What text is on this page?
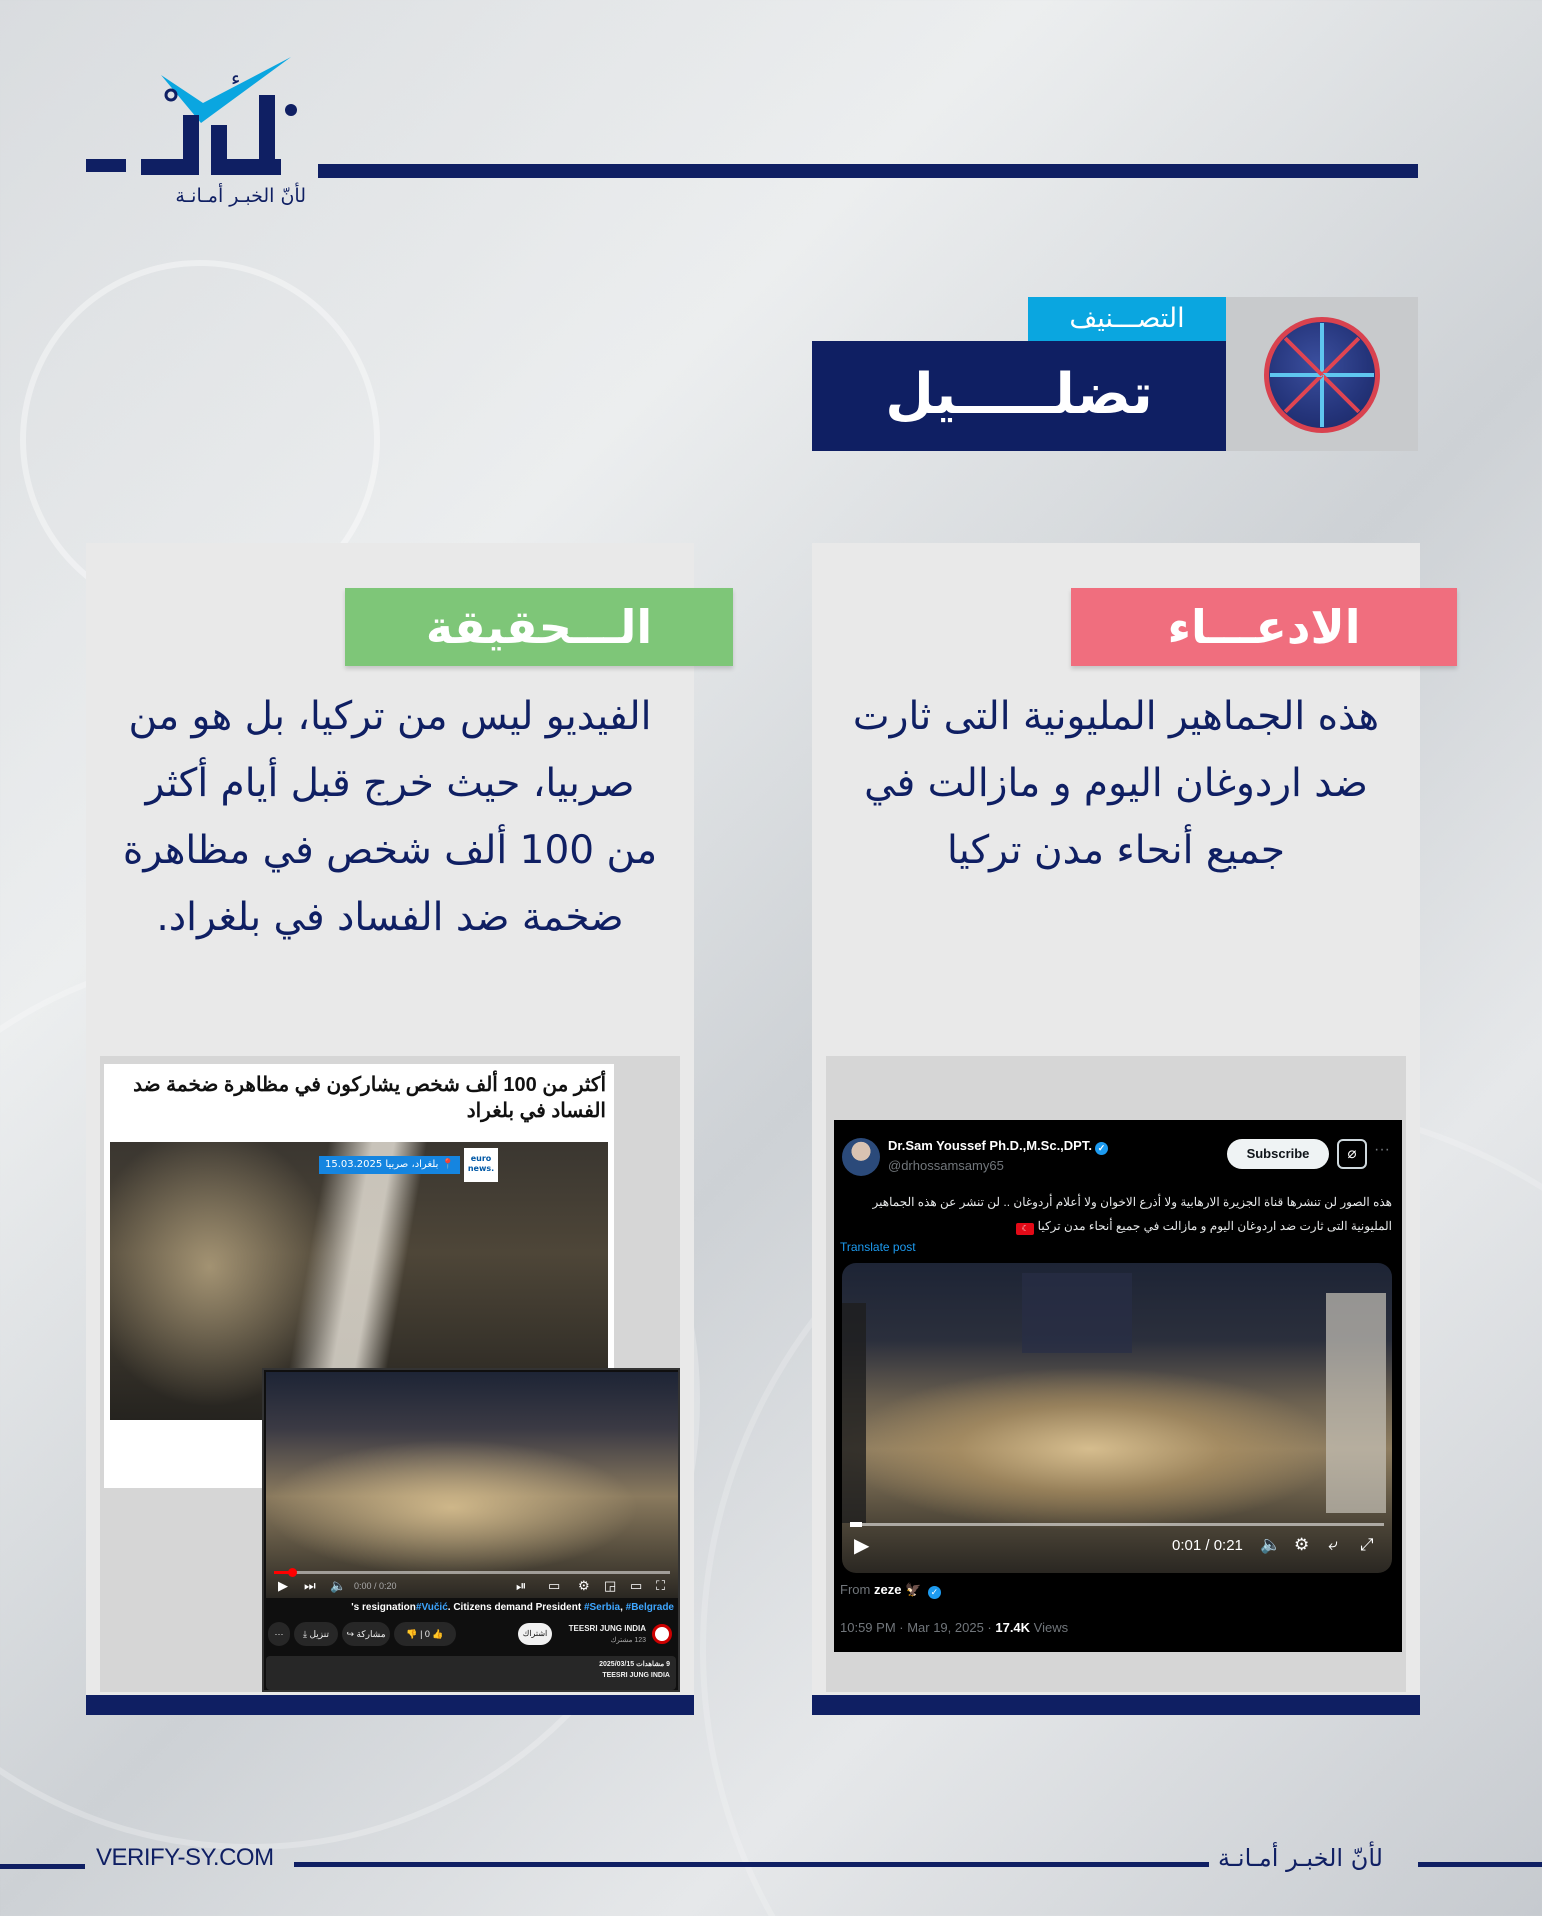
ء
لأنّ الخبـر أمـانـة
التصـــنيف
تضلـــــيل
الادعـــاء
هذه الجماهير المليونية التى ثارت ضد اردوغان اليوم و مازالت في جميع أنحاء مدن تركيا
Dr.Sam Youssef Ph.D.,M.Sc.,DPT. ✓
@drhossamsamy65
Subscribe	⌀	···
هذه الصور لن تنشرها قناة الجزيرة الارهابية ولا أذرع الاخوان ولا أعلام أردوغان .. لن تنشر عن هذه الجماهير المليونية التى ثارت ضد اردوغان اليوم و مازالت في جميع أنحاء مدن تركيا ☾
Translate post
▶	0:01 / 0:21 🔈 ⚙ ⤶ ⤢
From zeze 🦅 ✓
10:59 PM · Mar 19, 2025 · 17.4K Views
الـــحقيقة
الفيديو ليس من تركيا، بل هو من صربيا، حيث خرج قبل أيام أكثر من 100 ألف شخص في مظاهرة ضخمة ضد الفساد في بلغراد.
أكثر من 100 ألف شخص يشاركون في مظاهرة ضخمة ضد الفساد في بلغراد
euro news.
📍 بلغراد، صربيا 15.03.2025
▶ ⏭ 🔈 0:00 / 0:20	⏯ ▭ ⚙ ◲ ▭ ⛶
's resignation#Vučić. Citizens demand President #Serbia, #Belgrade
···	⤓ تنزيل	↪ مشاركة	👎 | 0 👍	اشتراك
TEESRI JUNG INDIA
123 مشترك
9 مشاهدات 2025/03/15
TEESRI JUNG INDIA
VERIFY-SY.COM	لأنّ الخبـر أمـانـة
